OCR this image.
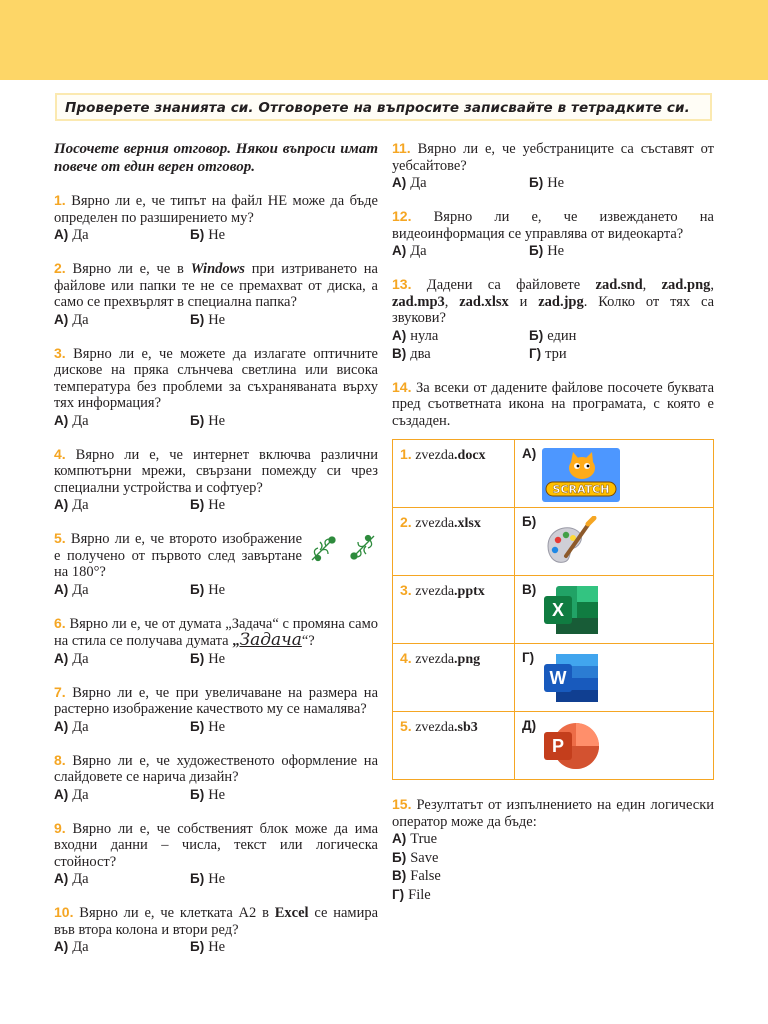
Проверете знанията си. Отговорете на въпросите записвайте в тетрадките си.

Посочете верния отговор. Някои въпроси имат повече от един верен отговор.

1. Вярно ли е, че типът на файл НЕ може да бъде определен по разширението му?
А) Да	Б) Не
2. Вярно ли е, че в Windows при изтриването на файлове или папки те не се премахват от диска, а само се прехвърлят в специална папка?
А) Да	Б) Не
3. Вярно ли е, че можете да излагате оптичните дискове на пряка слънчева светлина или висока температура без проблеми за съхраняваната върху тях информация?
А) Да	Б) Не
4. Вярно ли е, че интернет включва различни компютърни мрежи, свързани помежду си чрез специални устройства и софтуер?
А) Да	Б) Не
5. Вярно ли е, че второто изображение е получено от първото след завъртане на 180°?
А) Да	Б) Не
6. Вярно ли е, че от думата „Задача“ с промяна само на стила се получава думата „Задача“?
А) Да	Б) Не
7. Вярно ли е, че при увеличаване на размера на растерно изображение качеството му се намалява?
А) Да	Б) Не
8. Вярно ли е, че художественото оформление на слайдовете се нарича дизайн?
А) Да	Б) Не
9. Вярно ли е, че собственият блок може да има входни данни – числа, текст или логическа стойност?
А) Да	Б) Не
10. Вярно ли е, че клетката А2 в Excel се намира във втора колона и втори ред?
А) Да	Б) Не
11. Вярно ли е, че уебстраниците са съставят от уебсайтове?
А) Да	Б) Не
12. Вярно ли е, че извеждането на видеоинформация се управлява от видеокарта?
А) Да	Б) Не
13. Дадени са файловете zad.snd, zad.png, zad.mp3, zad.xlsx и zad.jpg. Колко от тях са звукови?
А) нула	Б) един
В) два	Г) три
14. За всеки от дадените файлове посочете буквата пред съответната икона на програмата, с която е създаден.
1. zvezda.docx	А)
SCRATCH

2. zvezda.xlsx	Б)

3. zvezda.pptx	В)
X

4. zvezda.png	Г)
W

5. zvezda.sb3	Д)
P
15. Резултатът от изпълнението на един логически оператор може да бъде:
А) True
Б) Save
В) False
Г) File
